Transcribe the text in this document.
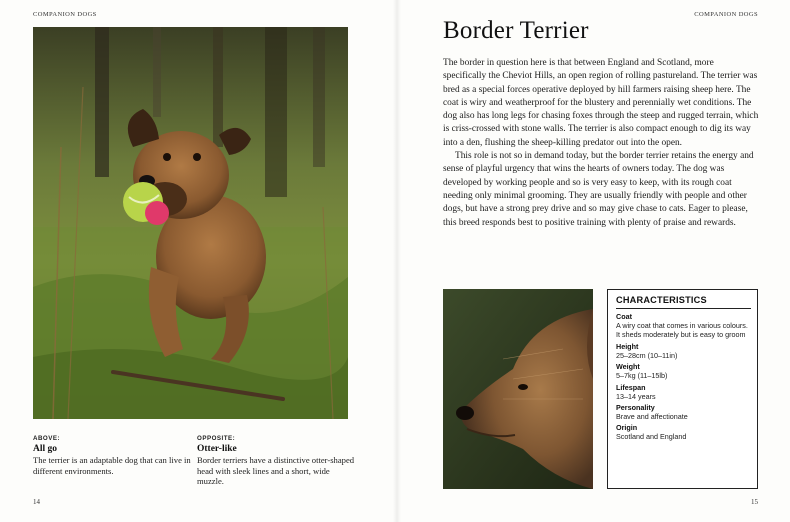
COMPANION DOGS
ABOVE:
All go
The terrier is an adaptable dog that can live in different environments.
OPPOSITE:
Otter-like
Border terriers have a distinctive otter-shaped head with sleek lines and a short, wide muzzle.
14
COMPANION DOGS
Border Terrier

The border in question here is that between England and Scotland, more specifically the Cheviot Hills, an open region of rolling pastureland. The terrier was bred as a special forces operative deployed by hill farmers raising sheep here. The coat is wiry and weatherproof for the blustery and perennially wet conditions. The dog also has long legs for chasing foxes through the steep and rugged terrain, which is criss-crossed with stone walls. The terrier is also compact enough to dig its way into a den, flushing the sheep-killing predator out into the open.

This role is not so in demand today, but the border terrier retains the energy and sense of playful urgency that wins the hearts of owners today. The dog was developed by working people and so is very easy to keep, with its rough coat needing only minimal grooming. They are usually friendly with people and other dogs, but have a strong prey drive and so may give chase to cats. Eager to please, this breed responds best to positive training with plenty of praise and rewards.

CHARACTERISTICS
Coat
A wiry coat that comes in various colours. It sheds moderately but is easy to groom
Height
25–28cm (10–11in)
Weight
5–7kg (11–15lb)
Lifespan
13–14 years
Personality
Brave and affectionate
Origin
Scotland and England
15
